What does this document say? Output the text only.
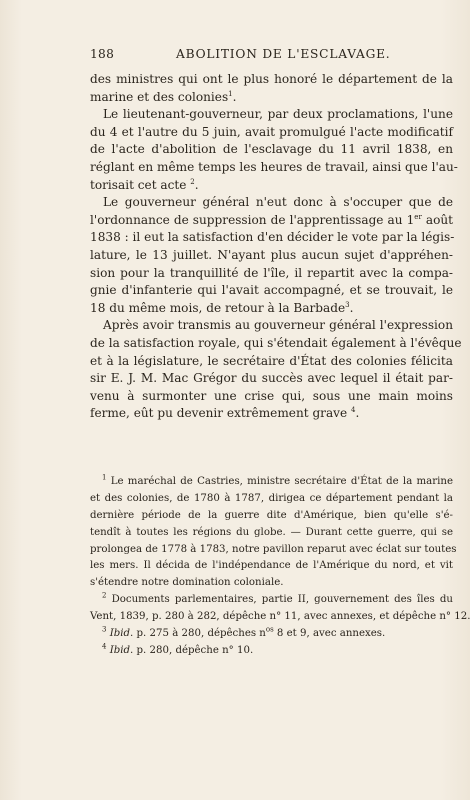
188	ABOLITION DE L'ESCLAVAGE.
des ministres qui ont le plus honoré le département de la
marine et des colonies$^1$.
Le lieutenant-gouverneur, par deux proclamations, l'une
du 4 et l'autre du 5 juin, avait promulgué l'acte modificatif
de l'acte d'abolition de l'esclavage du 11 avril 1838, en
réglant en même temps les heures de travail, ainsi que l'au-
torisait cet acte $^2$.
Le gouverneur général n'eut donc à s'occuper que de
l'ordonnance de suppression de l'apprentissage au 1er août
1838 : il eut la satisfaction d'en décider le vote par la légis-
lature, le 13 juillet. N'ayant plus aucun sujet d'appréhen-
sion pour la tranquillité de l'île, il repartit avec la compa-
gnie d'infanterie qui l'avait accompagné, et se trouvait, le
18 du même mois, de retour à la Barbade$^3$.
Après avoir transmis au gouverneur général l'expression
de la satisfaction royale, qui s'étendait également à l'évêque
et à la législature, le secrétaire d'État des colonies félicita
sir E. J. M. Mac Grégor du succès avec lequel il était par-
venu à surmonter une crise qui, sous une main moins
ferme, eût pu devenir extrêmement grave $^4$.
$^1$ Le maréchal de Castries, ministre secrétaire d'État de la marine
et des colonies, de 1780 à 1787, dirigea ce département pendant la
dernière période de la guerre dite d'Amérique, bien qu'elle s'é-
tendît à toutes les régions du globe. — Durant cette guerre, qui se
prolongea de 1778 à 1783, notre pavillon reparut avec éclat sur toutes
les mers. Il décida de l'indépendance de l'Amérique du nord, et vit
s'étendre notre domination coloniale.
$^2$ Documents parlementaires, partie II, gouvernement des îles du
Vent, 1839, p. 280 à 282, dépêche n° 11, avec annexes, et dépêche n° 12.
$^3$ Ibid. p. 275 à 280, dépêches $n^{os}$ 8 et 9, avec annexes.
$^4$ Ibid. p. 280, dépêche n° 10.
